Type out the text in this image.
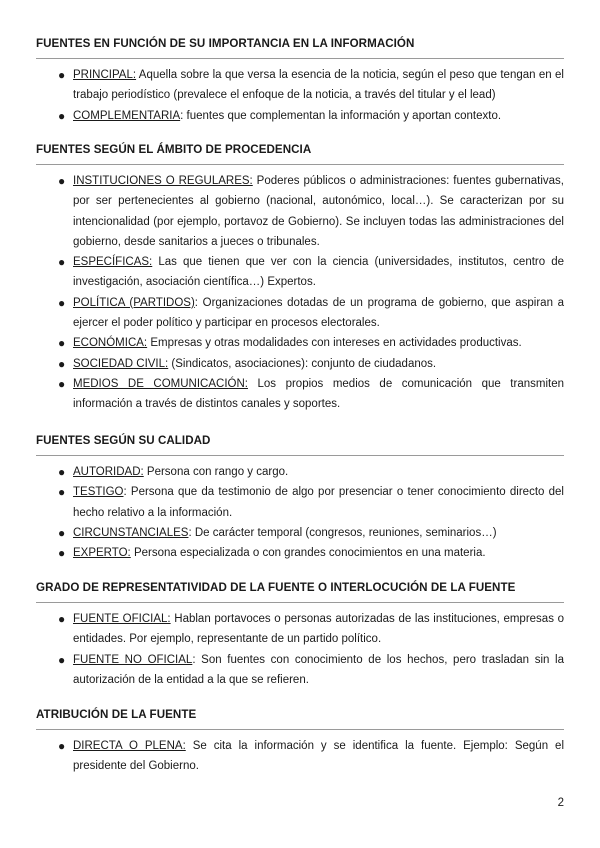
FUENTES EN FUNCIÓN DE SU IMPORTANCIA EN LA INFORMACIÓN
● PRINCIPAL: Aquella sobre la que versa la esencia de la noticia, según el peso que tengan en el trabajo periodístico (prevalece el enfoque de la noticia, a través del titular y el lead)
● COMPLEMENTARIA: fuentes que complementan la información y aportan contexto.
FUENTES SEGÚN EL ÁMBITO DE PROCEDENCIA
● INSTITUCIONES O REGULARES: Poderes públicos o administraciones: fuentes gubernativas, por ser pertenecientes al gobierno (nacional, autonómico, local…). Se caracterizan por su intencionalidad (por ejemplo, portavoz de Gobierno). Se incluyen todas las administraciones del gobierno, desde sanitarios a jueces o tribunales.
● ESPECÍFICAS: Las que tienen que ver con la ciencia (universidades, institutos, centro de investigación, asociación científica…) Expertos.
● POLÍTICA (PARTIDOS): Organizaciones dotadas de un programa de gobierno, que aspiran a ejercer el poder político y participar en procesos electorales.
● ECONÓMICA: Empresas y otras modalidades con intereses en actividades productivas.
● SOCIEDAD CIVIL: (Sindicatos, asociaciones): conjunto de ciudadanos.
● MEDIOS DE COMUNICACIÓN: Los propios medios de comunicación que transmiten información a través de distintos canales y soportes.
FUENTES SEGÚN SU CALIDAD
● AUTORIDAD: Persona con rango y cargo.
● TESTIGO: Persona que da testimonio de algo por presenciar o tener conocimiento directo del hecho relativo a la información.
● CIRCUNSTANCIALES: De carácter temporal (congresos, reuniones, seminarios…)
● EXPERTO: Persona especializada o con grandes conocimientos en una materia.
GRADO DE REPRESENTATIVIDAD DE LA FUENTE O INTERLOCUCIÓN DE LA FUENTE
● FUENTE OFICIAL: Hablan portavoces o personas autorizadas de las instituciones, empresas o entidades. Por ejemplo, representante de un partido político.
● FUENTE NO OFICIAL: Son fuentes con conocimiento de los hechos, pero trasladan sin la autorización de la entidad a la que se refieren.
ATRIBUCIÓN DE LA FUENTE
● DIRECTA O PLENA: Se cita la información y se identifica la fuente. Ejemplo: Según el presidente del Gobierno.
2
